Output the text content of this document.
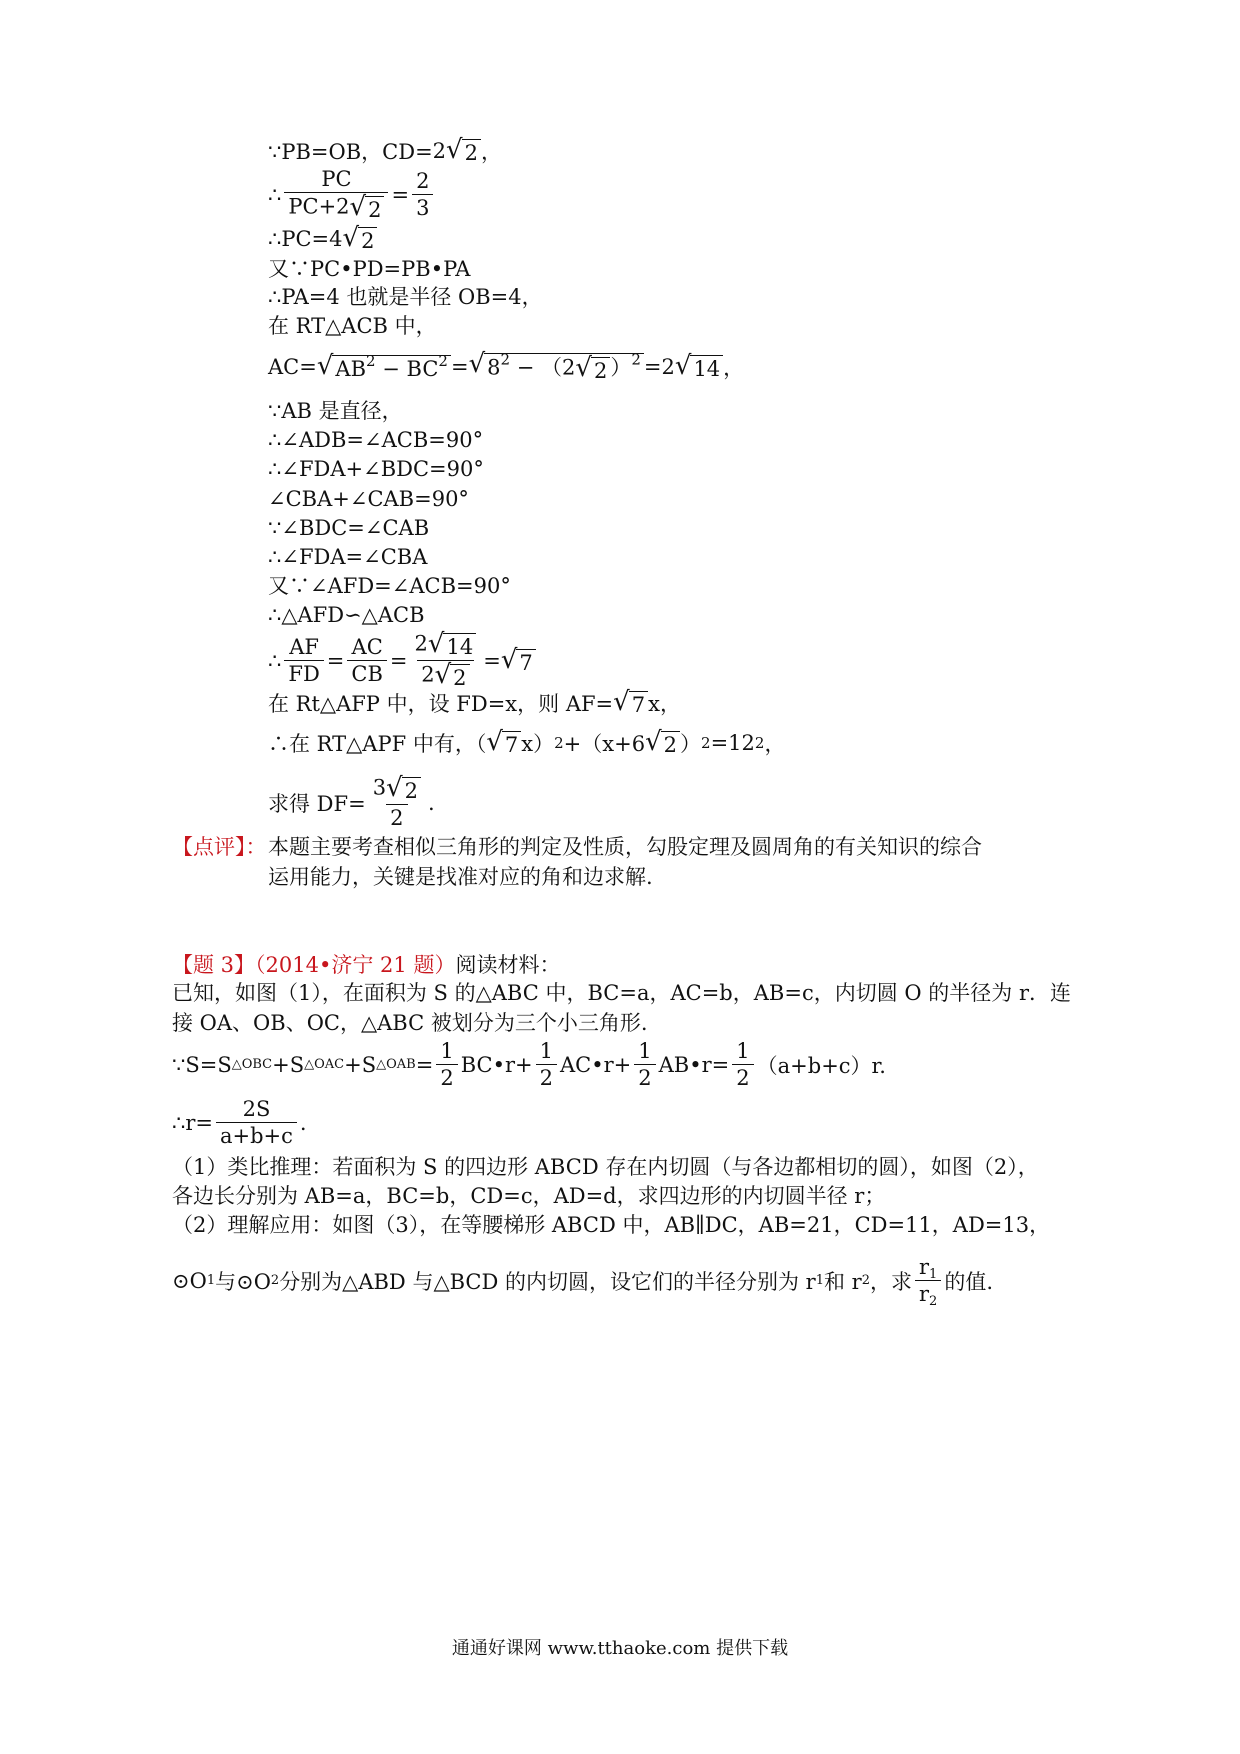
∵PB=OB，CD= 2 √ 2 ，
∴ $\frac{PC}{PC+2 √ 2} = \frac{2}{3}$
∴PC=4 √ 2
又∵PC•PD=PB•PA
∴PA=4 也就是半径 OB=4，
在 RT△ACB 中，
AC= √ $AB^2 - BC^2$ = √ $8^2 - (2$ √ 2 ）$^2$ =2 √ 14 ，
∵AB 是直径，
∴∠ADB=∠ACB=90°
∴∠FDA+∠BDC=90°
∠CBA+∠CAB=90°
∵∠BDC=∠CAB
∴∠FDA=∠CBA
又∵∠AFD=∠ACB=90°
∴△AFD∽△ACB
∴ $\frac{AF}{FD} = \frac{AC}{CB} = \frac{2 √ 14}{2 √ 2}$ = √ 7
在 Rt△AFP 中，设 FD=x，则 AF= √ 7 x，
∴在 RT△APF 中有，（ √ 7 x） 2 +（x+6 √ 2 ） 2 =12 2 ，
求得 $DF= \frac{3 √ 2}{2}$ .
【点评】： 本题主要考查相似三角形的判定及性质，勾股定理及圆周角的有关知识的综合
运用能力，关键是找准对应的角和边求解.
【题 3】（2014•济宁 21 题）阅读材料：
已知，如图（1），在面积为 S 的△ABC 中，BC=a，AC=b，AB=c，内切圆 O 的半径为 r．连
接 OA、OB、OC，△ABC 被划分为三个小三角形.
∵S=S △OBC +S △OAC +S △OAB = $\frac{1}{2}$ BC•r+ $\frac{1}{2}$ AC•r+ $\frac{1}{2}$ AB•r= $\frac{1}{2} (a+b+c)r$.
∴r= $\frac{2S}{a+b+c}$ .
（1）类比推理：若面积为 S 的四边形 ABCD 存在内切圆（与各边都相切的圆），如图（2），
各边长分别为 AB=a，BC=b，CD=c，AD=d，求四边形的内切圆半径 r；
（2）理解应用：如图（3），在等腰梯形 ABCD 中，AB∥DC，AB=21，CD=11，AD=13，
⊙O 1 与⊙O 2 分别为△ABD 与△BCD 的内切圆，设它们的半径分别为 r 1 和 r 2 ，求 $\frac{r_1}{r_2}$ 的值.
通通好课网 www.tthaoke.com 提供下载
